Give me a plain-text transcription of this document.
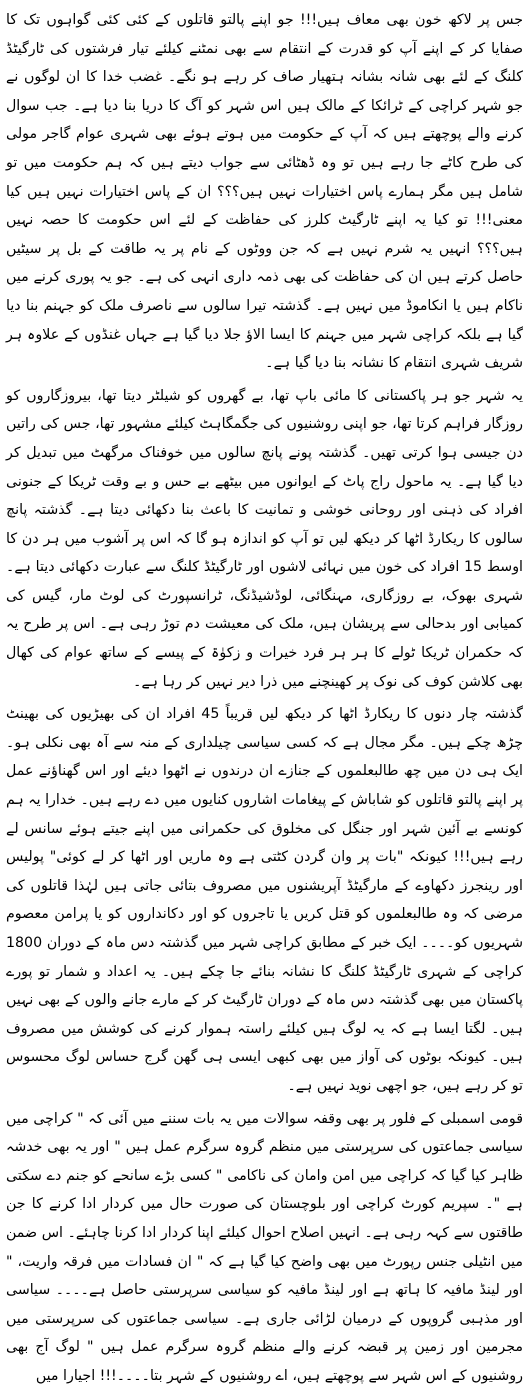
جس پر لاکھ خون بھی معاف ہیں!!! جو اپنے پالتو قاتلوں کے کئی کئی گواہوں تک کا صفایا کر کے اپنے آپ کو قدرت کے انتقام سے بھی نمٹنے کیلئے تیار فرشتوں کی ٹارگیٹڈ کلنگ کے لئے بھی شانہ بشانہ ہتھیار صاف کر رہے ہو نگے۔ غضب خدا کا ان لوگوں نے جو شہر کراچی کے ٹرائکا کے مالک ہیں اس شہر کو آگ کا دریا بنا دیا ہے۔ جب سوال کرنے والے پوچھتے ہیں کہ آپ کے حکومت میں ہوتے ہوئے بھی شہری عوام گاجر مولی کی طرح کاٹے جا رہے ہیں تو وہ ڈھٹائی سے جواب دیتے ہیں کہ ہم حکومت میں تو شامل ہیں مگر ہمارے پاس اختیارات نہیں ہیں؟؟؟ ان کے پاس اختیارات نہیں ہیں کیا معنی!!! تو کیا یہ اپنے ٹارگیٹ کلرز کی حفاظت کے لئے اس حکومت کا حصہ نہیں ہیں؟؟؟ انہیں یہ شرم نہیں ہے کہ جن ووٹوں کے نام پر یہ طاقت کے بل پر سیٹیں حاصل کرتے ہیں ان کی حفاظت کی بھی ذمہ داری انہی کی ہے۔ جو یہ پوری کرنے میں ناکام ہیں یا انکاموڈ میں نہیں ہے۔ گذشتہ تیرا سالوں سے ناصرف ملک کو جہنم بنا دیا گیا ہے بلکہ کراچی شہر میں جہنم کا ایسا الاؤ جلا دیا گیا ہے جہاں غنڈوں کے علاوہ ہر شریف شہری انتقام کا نشانہ بنا دیا گیا ہے۔

یہ شہر جو ہر پاکستانی کا مائی باپ تھا، بے گھروں کو شیلٹر دیتا تھا، بیروزگاروں کو روزگار فراہم کرتا تھا، جو اپنی روشنیوں کی جگمگاہٹ کیلئے مشہور تھا، جس کی راتیں دن جیسی ہوا کرتی تھیں۔ گذشتہ پونے پانچ سالوں میں خوفناک مرگھٹ میں تبدیل کر دیا گیا ہے۔ یہ ماحول راج پاٹ کے ایوانوں میں بیٹھے بے حس و بے وقت ٹریکا کے جنونی افراد کی ذہنی اور روحانی خوشی و تمانیت کا باعث بنا دکھائی دیتا ہے۔ گذشتہ پانچ سالوں کا ریکارڈ اٹھا کر دیکھ لیں تو آپ کو اندازہ ہو گا کہ اس پر آشوب میں ہر دن کا اوسط 15 افراد کی خون میں نہائی لاشوں اور ٹارگیٹڈ کلنگ سے عبارت دکھائی دیتا ہے۔ شہری بھوک، بے روزگاری، مہنگائی، لوڈشیڈنگ، ٹرانسپورٹ کی لوٹ مار، گیس کی کمیابی اور بدحالی سے پریشان ہیں، ملک کی معیشت دم توڑ رہی ہے۔ اس پر طرح یہ کہ حکمران ٹریکا ٹولے کا ہر ہر فرد خیرات و زکوٰۃ کے پیسے کے ساتھ عوام کی کھال بھی کلاشن کوف کی نوک پر کھینچنے میں ذرا دیر نہیں کر رہا ہے۔

گذشتہ چار دنوں کا ریکارڈ اٹھا کر دیکھ لیں قریباً 45 افراد ان کی بھیڑیوں کی بھینٹ چڑھ چکے ہیں۔ مگر مجال ہے کہ کسی سیاسی چیلداری کے منہ سے آہ بھی نکلی ہو۔ ایک ہی دن میں چھ طالبعلموں کے جنازے ان درندوں نے اٹھوا دیئے اور اس گھناؤنے عمل پر اپنے پالتو قاتلوں کو شاباش کے پیغامات اشاروں کنایوں میں دے رہے ہیں۔ خدارا یہ ہم کونسے بے آئین شہر اور جنگل کی مخلوق کی حکمرانی میں اپنے جیتے ہوئے سانس لے رہے ہیں!!! کیونکہ "بات پر وان گردن کٹتی ہے وہ ماریں اور اٹھا کر لے کوئی" پولیس اور رینجرز دکھاوے کے مارگیٹڈ آپریشنوں میں مصروف بتائی جاتی ہیں لہٰذا قاتلوں کی مرضی کہ وہ طالبعلموں کو قتل کریں یا تاجروں کو اور دکانداروں کو یا پرامن معصوم شہریوں کو۔۔۔۔ ایک خبر کے مطابق کراچی شہر میں گذشتہ دس ماہ کے دوران 1800 کراچی کے شہری ٹارگیٹڈ کلنگ کا نشانہ بنائے جا چکے ہیں۔ یہ اعداد و شمار تو پورے پاکستان میں بھی گذشتہ دس ماہ کے دوران ٹارگیٹ کر کے مارے جانے والوں کے بھی نہیں ہیں۔ لگتا ایسا ہے کہ یہ لوگ ہیں کیلئے راستہ ہموار کرنے کی کوشش میں مصروف ہیں۔ کیونکہ بوٹوں کی آواز میں بھی کبھی ایسی ہی گھن گرج حساس لوگ محسوس تو کر رہے ہیں، جو اچھی نوید نہیں ہے۔

قومی اسمبلی کے فلور پر بھی وقفہ سوالات میں یہ بات سننے میں آئی کہ " کراچی میں سیاسی جماعتوں کی سرپرستی میں منظم گروہ سرگرم عمل ہیں " اور یہ بھی خدشہ ظاہر کیا گیا کہ کراچی میں امن وامان کی ناکامی " کسی بڑے سانحے کو جنم دے سکتی ہے "۔ سپریم کورٹ کراچی اور بلوچستان کی صورت حال میں کردار ادا کرنے کا جن طاقتوں سے کہہ رہی ہے۔ انہیں اصلاح احوال کیلئے اپنا کردار ادا کرنا چاہئے۔ اس ضمن میں انٹیلی جنس رپورٹ میں بھی واضح کیا گیا ہے کہ " ان فسادات میں فرقہ واریت، " اور لینڈ مافیہ کا ہاتھ ہے اور لینڈ مافیہ کو سیاسی سرپرستی حاصل ہے۔۔۔۔ سیاسی اور مذہبی گروپوں کے درمیان لڑائی جاری ہے۔ سیاسی جماعتوں کی سرپرستی میں مجرمین اور زمین پر قبضہ کرنے والے منظم گروہ سرگرم عمل ہیں " لوگ آج بھی روشنیوں کے اس شہر سے پوچھتے ہیں، اے روشنیوں کے شہر بتا۔۔۔۔!!! اجیارا میں
